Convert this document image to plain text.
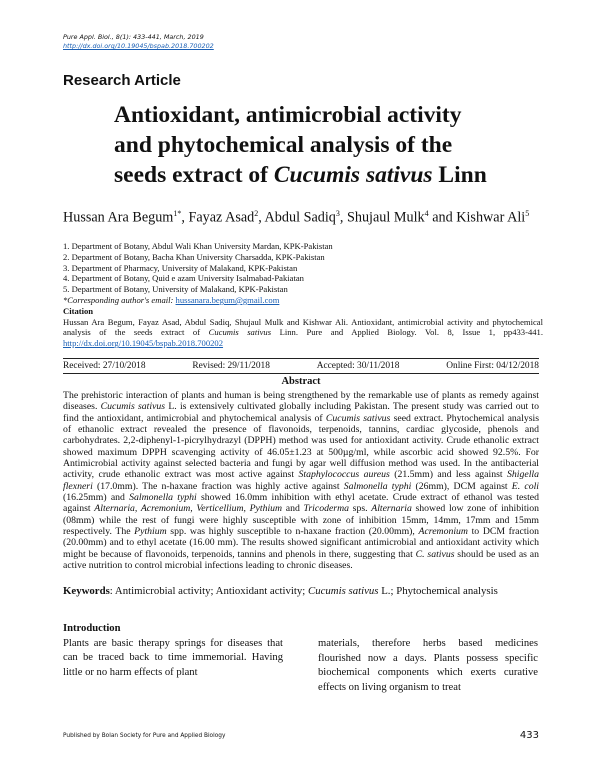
Pure Appl. Biol., 8(1): 433-441, March, 2019
http://dx.doi.org/10.19045/bspab.2018.700202
Research Article
Antioxidant, antimicrobial activity and phytochemical analysis of the seeds extract of Cucumis sativus Linn
Hussan Ara Begum$^{1*}$, Fayaz Asad$^2$, Abdul Sadiq$^3$, Shujaul Mulk$^4$ and Kishwar Ali$^5$
1. Department of Botany, Abdul Wali Khan University Mardan, KPK-Pakistan
2. Department of Botany, Bacha Khan University Charsadda, KPK-Pakistan
3. Department of Pharmacy, University of Malakand, KPK-Pakistan
4. Department of Botany, Quid e azam University Isalmabad-Pakiatan
5. Department of Botany, University of Malakand, KPK-Pakistan
*Corresponding author's email: hussanara.begum@gmail.com
Citation
Hussan Ara Begum, Fayaz Asad, Abdul Sadiq, Shujaul Mulk and Kishwar Ali. Antioxidant, antimicrobial activity and phytochemical analysis of the seeds extract of Cucumis sativus Linn. Pure and Applied Biology. Vol. 8, Issue 1, pp433-441. http://dx.doi.org/10.19045/bspab.2018.700202
Received: 27/10/2018	Revised: 29/11/2018	Accepted: 30/11/2018	Online First: 04/12/2018
Abstract
The prehistoric interaction of plants and human is being strengthened by the remarkable use of plants as remedy against diseases. Cucumis sativus L. is extensively cultivated globally including Pakistan. The present study was carried out to find the antioxidant, antimicrobial and phytochemical analysis of Cucumis sativus seed extract. Phytochemical analysis of ethanolic extract revealed the presence of flavonoids, terpenoids, tannins, cardiac glycoside, phenols and carbohydrates. 2,2-diphenyl-1-picrylhydrazyl (DPPH) method was used for antioxidant activity. Crude ethanolic extract showed maximum DPPH scavenging activity of 46.05±1.23 at 500µg/ml, while ascorbic acid showed 92.5%. For Antimicrobial activity against selected bacteria and fungi by agar well diffusion method was used. In the antibacterial activity, crude ethanolic extract was most active against Staphylococcus aureus (21.5mm) and less against Shigella flexneri (17.0mm). The n-haxane fraction was highly active against Salmonella typhi (26mm), DCM against E. coli (16.25mm) and Salmonella typhi showed 16.0mm inhibition with ethyl acetate. Crude extract of ethanol was tested against Alternaria, Acremonium, Verticellium, Pythium and Tricoderma sps. Alternaria showed low zone of inhibition (08mm) while the rest of fungi were highly susceptible with zone of inhibition 15mm, 14mm, 17mm and 15mm respectively. The Pythium spp. was highly susceptible to n-haxane fraction (20.00mm), Acremonium to DCM fraction (20.00mm) and to ethyl acetate (16.00 mm). The results showed significant antimicrobial and antioxidant activity which might be because of flavonoids, terpenoids, tannins and phenols in there, suggesting that C. sativus should be used as an active nutrition to control microbial infections leading to chronic diseases.
Keywords: Antimicrobial activity; Antioxidant activity; Cucumis sativus L.; Phytochemical analysis
Introduction
Plants are basic therapy springs for diseases that can be traced back to time immemorial. Having little or no harm effects of plant
materials, therefore herbs based medicines flourished now a days. Plants possess specific biochemical components which exerts curative effects on living organism to treat
Published by Bolan Society for Pure and Applied Biology	433
